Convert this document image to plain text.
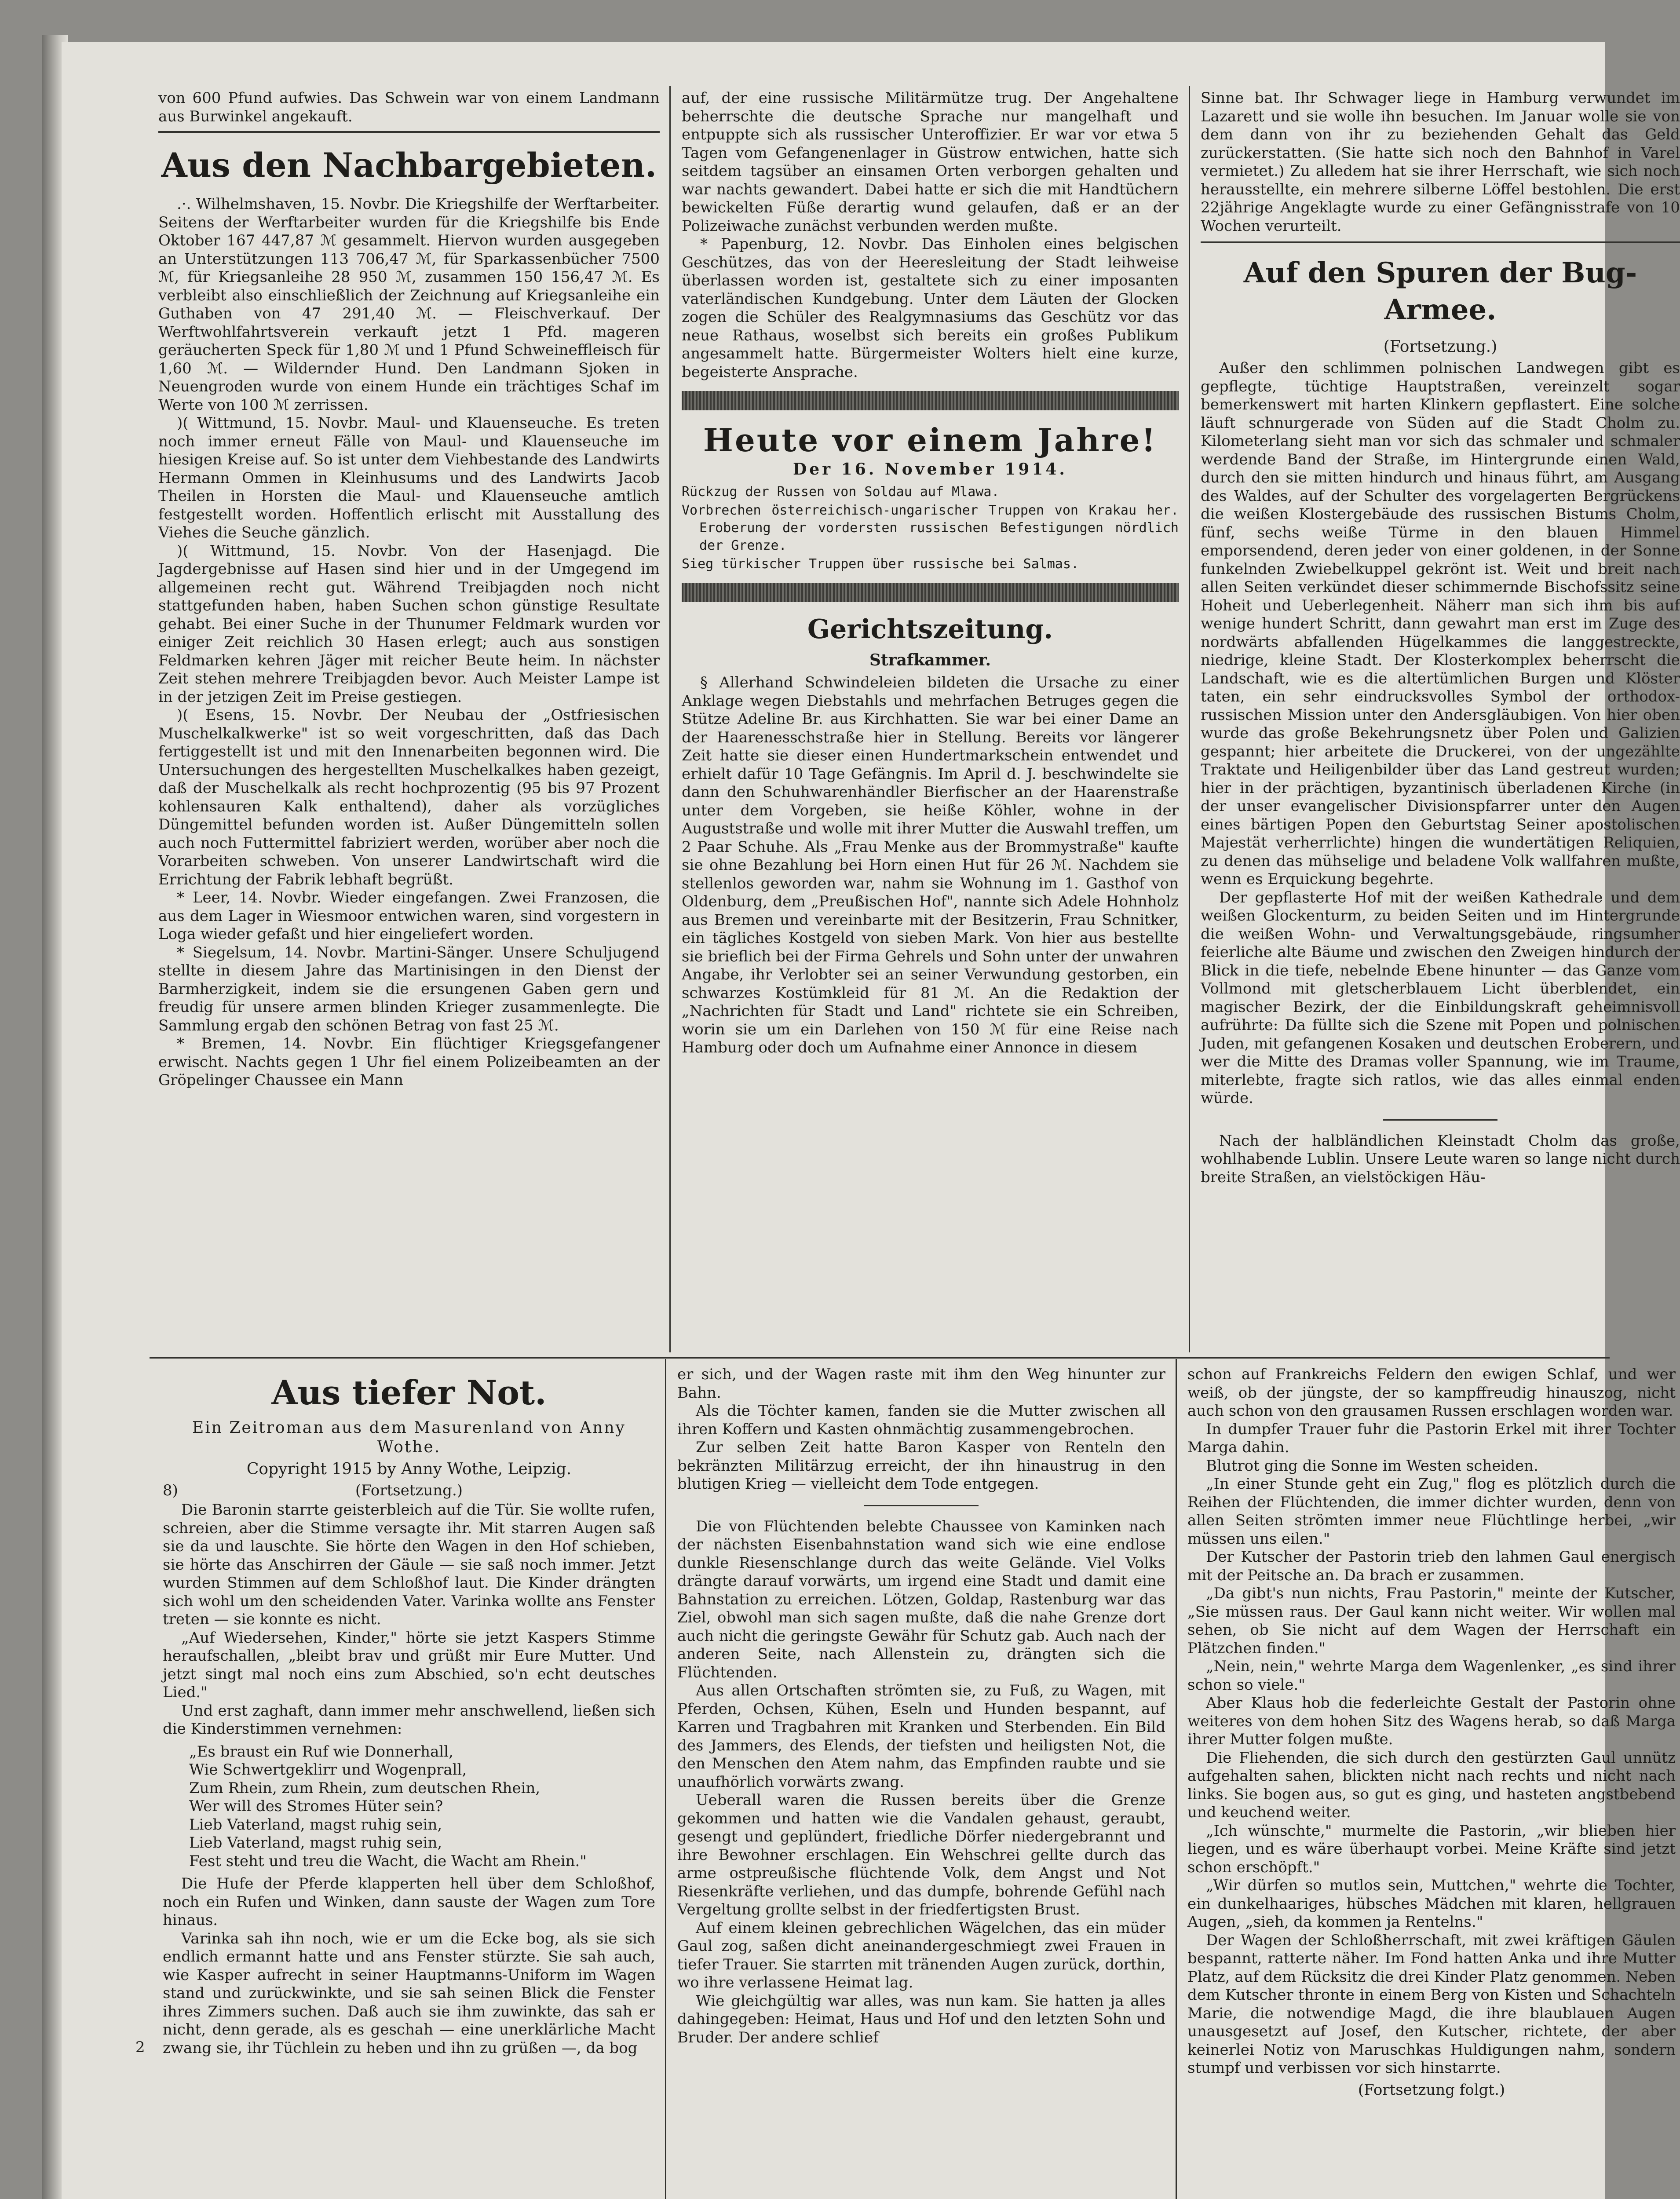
von 600 Pfund aufwies. Das Schwein war von einem Landmann aus Burwinkel angekauft.

Aus den Nachbargebieten.

.·. Wilhelmshaven, 15. Novbr. Die Kriegshilfe der Werftarbeiter. Seitens der Werftarbeiter wurden für die Kriegshilfe bis Ende Oktober 167 447,87 ℳ gesammelt. Hiervon wurden ausgegeben an Unterstützungen 113 706,47 ℳ, für Sparkassenbücher 7500 ℳ, für Kriegsanleihe 28 950 ℳ, zusammen 150 156,47 ℳ. Es verbleibt also einschließlich der Zeichnung auf Kriegsanleihe ein Guthaben von 47 291,40 ℳ. — Fleischverkauf. Der Werftwohlfahrtsverein verkauft jetzt 1 Pfd. mageren geräucherten Speck für 1,80 ℳ und 1 Pfund Schweineffleisch für 1,60 ℳ. — Wildernder Hund. Den Landmann Sjoken in Neuengroden wurde von einem Hunde ein trächtiges Schaf im Werte von 100 ℳ zerrissen.

)( Wittmund, 15. Novbr. Maul- und Klauenseuche. Es treten noch immer erneut Fälle von Maul- und Klauenseuche im hiesigen Kreise auf. So ist unter dem Viehbestande des Landwirts Hermann Ommen in Kleinhusums und des Landwirts Jacob Theilen in Horsten die Maul- und Klauenseuche amtlich festgestellt worden. Hoffentlich erlischt mit Ausstallung des Viehes die Seuche gänzlich.

)( Wittmund, 15. Novbr. Von der Hasenjagd. Die Jagdergebnisse auf Hasen sind hier und in der Umgegend im allgemeinen recht gut. Während Treibjagden noch nicht stattgefunden haben, haben Suchen schon günstige Resultate gehabt. Bei einer Suche in der Thunumer Feldmark wurden vor einiger Zeit reichlich 30 Hasen erlegt; auch aus sonstigen Feldmarken kehren Jäger mit reicher Beute heim. In nächster Zeit stehen mehrere Treibjagden bevor. Auch Meister Lampe ist in der jetzigen Zeit im Preise gestiegen.

)( Esens, 15. Novbr. Der Neubau der „Ostfriesischen Muschelkalkwerke" ist so weit vorgeschritten, daß das Dach fertiggestellt ist und mit den Innenarbeiten begonnen wird. Die Untersuchungen des hergestellten Muschelkalkes haben gezeigt, daß der Muschelkalk als recht hochprozentig (95 bis 97 Prozent kohlensauren Kalk enthaltend), daher als vorzügliches Düngemittel befunden worden ist. Außer Düngemitteln sollen auch noch Futtermittel fabriziert werden, worüber aber noch die Vorarbeiten schweben. Von unserer Landwirtschaft wird die Errichtung der Fabrik lebhaft begrüßt.

* Leer, 14. Novbr. Wieder eingefangen. Zwei Franzosen, die aus dem Lager in Wiesmoor entwichen waren, sind vorgestern in Loga wieder gefaßt und hier eingeliefert worden.

* Siegelsum, 14. Novbr. Martini-Sänger. Unsere Schuljugend stellte in diesem Jahre das Martinisingen in den Dienst der Barmherzigkeit, indem sie die ersungenen Gaben gern und freudig für unsere armen blinden Krieger zusammenlegte. Die Sammlung ergab den schönen Betrag von fast 25 ℳ.

* Bremen, 14. Novbr. Ein flüchtiger Kriegsgefangener erwischt. Nachts gegen 1 Uhr fiel einem Polizeibeamten an der Gröpelinger Chaussee ein Mann

auf, der eine russische Militärmütze trug. Der Angehaltene beherrschte die deutsche Sprache nur mangelhaft und entpuppte sich als russischer Unteroffizier. Er war vor etwa 5 Tagen vom Gefangenenlager in Güstrow entwichen, hatte sich seitdem tagsüber an einsamen Orten verborgen gehalten und war nachts gewandert. Dabei hatte er sich die mit Handtüchern bewickelten Füße derartig wund gelaufen, daß er an der Polizeiwache zunächst verbunden werden mußte.

* Papenburg, 12. Novbr. Das Einholen eines belgischen Geschützes, das von der Heeresleitung der Stadt leihweise überlassen worden ist, gestaltete sich zu einer imposanten vaterländischen Kundgebung. Unter dem Läuten der Glocken zogen die Schüler des Realgymnasiums das Geschütz vor das neue Rathaus, woselbst sich bereits ein großes Publikum angesammelt hatte. Bürgermeister Wolters hielt eine kurze, begeisterte Ansprache.

Heute vor einem Jahre!
Der 16. November 1914.

Rückzug der Russen von Soldau auf Mlawa.

Vorbrechen österreichisch-ungarischer Truppen von Krakau her. Eroberung der vordersten russischen Befestigungen nördlich der Grenze.

Sieg türkischer Truppen über russische bei Salmas.

Gerichtszeitung.
Strafkammer.

§ Allerhand Schwindeleien bildeten die Ursache zu einer Anklage wegen Diebstahls und mehrfachen Betruges gegen die Stütze Adeline Br. aus Kirchhatten. Sie war bei einer Dame an der Haarenesschstraße hier in Stellung. Bereits vor längerer Zeit hatte sie dieser einen Hundertmarkschein entwendet und erhielt dafür 10 Tage Gefängnis. Im April d. J. beschwindelte sie dann den Schuhwarenhändler Bierfischer an der Haarenstraße unter dem Vorgeben, sie heiße Köhler, wohne in der Auguststraße und wolle mit ihrer Mutter die Auswahl treffen, um 2 Paar Schuhe. Als „Frau Menke aus der Brommystraße" kaufte sie ohne Bezahlung bei Horn einen Hut für 26 ℳ. Nachdem sie stellenlos geworden war, nahm sie Wohnung im 1. Gasthof von Oldenburg, dem „Preußischen Hof", nannte sich Adele Hohnholz aus Bremen und vereinbarte mit der Besitzerin, Frau Schnitker, ein tägliches Kostgeld von sieben Mark. Von hier aus bestellte sie brieflich bei der Firma Gehrels und Sohn unter der unwahren Angabe, ihr Verlobter sei an seiner Verwundung gestorben, ein schwarzes Kostümkleid für 81 ℳ. An die Redaktion der „Nachrichten für Stadt und Land" richtete sie ein Schreiben, worin sie um ein Darlehen von 150 ℳ für eine Reise nach Hamburg oder doch um Aufnahme einer Annonce in diesem

Sinne bat. Ihr Schwager liege in Hamburg verwundet im Lazarett und sie wolle ihn besuchen. Im Januar wolle sie von dem dann von ihr zu beziehenden Gehalt das Geld zurückerstatten. (Sie hatte sich noch den Bahnhof in Varel vermietet.) Zu alledem hat sie ihrer Herrschaft, wie sich noch herausstellte, ein mehrere silberne Löffel bestohlen. Die erst 22jährige Angeklagte wurde zu einer Gefängnisstrafe von 10 Wochen verurteilt.

Auf den Spuren der Bug-Armee.
(Fortsetzung.)

Außer den schlimmen polnischen Landwegen gibt es gepflegte, tüchtige Hauptstraßen, vereinzelt sogar bemerkenswert mit harten Klinkern gepflastert. Eine solche läuft schnurgerade von Süden auf die Stadt Cholm zu. Kilometerlang sieht man vor sich das schmaler und schmaler werdende Band der Straße, im Hintergrunde einen Wald, durch den sie mitten hindurch und hinaus führt, am Ausgang des Waldes, auf der Schulter des vorgelagerten Bergrückens die weißen Klostergebäude des russischen Bistums Cholm, fünf, sechs weiße Türme in den blauen Himmel emporsendend, deren jeder von einer goldenen, in der Sonne funkelnden Zwiebelkuppel gekrönt ist. Weit und breit nach allen Seiten verkündet dieser schimmernde Bischofssitz seine Hoheit und Ueberlegenheit. Näherr man sich ihm bis auf wenige hundert Schritt, dann gewahrt man erst im Zuge des nordwärts abfallenden Hügelkammes die langgestreckte, niedrige, kleine Stadt. Der Klosterkomplex beherrscht die Landschaft, wie es die altertümlichen Burgen und Klöster taten, ein sehr eindrucksvolles Symbol der orthodox-russischen Mission unter den Andersgläubigen. Von hier oben wurde das große Bekehrungsnetz über Polen und Galizien gespannt; hier arbeitete die Druckerei, von der ungezählte Traktate und Heiligenbilder über das Land gestreut wurden; hier in der prächtigen, byzantinisch überladenen Kirche (in der unser evangelischer Divisionspfarrer unter den Augen eines bärtigen Popen den Geburtstag Seiner apostolischen Majestät verherrlichte) hingen die wundertätigen Reliquien, zu denen das mühselige und beladene Volk wallfahren mußte, wenn es Erquickung begehrte.

Der gepflasterte Hof mit der weißen Kathedrale und dem weißen Glockenturm, zu beiden Seiten und im Hintergrunde die weißen Wohn- und Verwaltungsgebäude, ringsumher feierliche alte Bäume und zwischen den Zweigen hindurch der Blick in die tiefe, nebelnde Ebene hinunter — das Ganze vom Vollmond mit gletscherblauem Licht überblendet, ein magischer Bezirk, der die Einbildungskraft geheimnisvoll aufrührte: Da füllte sich die Szene mit Popen und polnischen Juden, mit gefangenen Kosaken und deutschen Eroberern, und wer die Mitte des Dramas voller Spannung, wie im Traume, miterlebte, fragte sich ratlos, wie das alles einmal enden würde.

Nach der halbländlichen Kleinstadt Cholm das große, wohlhabende Lublin. Unsere Leute waren so lange nicht durch breite Straßen, an vielstöckigen Häu-

Aus tiefer Not.
Ein Zeitroman aus dem Masurenland von Anny Wothe.
Copyright 1915 by Anny Wothe, Leipzig.
8)	(Fortsetzung.)

Die Baronin starrte geisterbleich auf die Tür. Sie wollte rufen, schreien, aber die Stimme versagte ihr. Mit starren Augen saß sie da und lauschte. Sie hörte den Wagen in den Hof schieben, sie hörte das Anschirren der Gäule — sie saß noch immer. Jetzt wurden Stimmen auf dem Schloßhof laut. Die Kinder drängten sich wohl um den scheidenden Vater. Varinka wollte ans Fenster treten — sie konnte es nicht.

„Auf Wiedersehen, Kinder," hörte sie jetzt Kaspers Stimme heraufschallen, „bleibt brav und grüßt mir Eure Mutter. Und jetzt singt mal noch eins zum Abschied, so'n echt deutsches Lied."

Und erst zaghaft, dann immer mehr anschwellend, ließen sich die Kinderstimmen vernehmen:

„Es braust ein Ruf wie Donnerhall,
Wie Schwertgeklirr und Wogenprall,
Zum Rhein, zum Rhein, zum deutschen Rhein,
Wer will des Stromes Hüter sein?
Lieb Vaterland, magst ruhig sein,
Lieb Vaterland, magst ruhig sein,
Fest steht und treu die Wacht, die Wacht am Rhein."

Die Hufe der Pferde klapperten hell über dem Schloßhof, noch ein Rufen und Winken, dann sauste der Wagen zum Tore hinaus.

Varinka sah ihn noch, wie er um die Ecke bog, als sie sich endlich ermannt hatte und ans Fenster stürzte. Sie sah auch, wie Kasper aufrecht in seiner Hauptmanns-Uniform im Wagen stand und zurückwinkte, und sie sah seinen Blick die Fenster ihres Zimmers suchen. Daß auch sie ihm zuwinkte, das sah er nicht, denn gerade, als es geschah — eine unerklärliche Macht zwang sie, ihr Tüchlein zu heben und ihn zu grüßen —, da bog

er sich, und der Wagen raste mit ihm den Weg hinunter zur Bahn.

Als die Töchter kamen, fanden sie die Mutter zwischen all ihren Koffern und Kasten ohnmächtig zusammengebrochen.

Zur selben Zeit hatte Baron Kasper von Renteln den bekränzten Militärzug erreicht, der ihn hinaustrug in den blutigen Krieg — vielleicht dem Tode entgegen.

Die von Flüchtenden belebte Chaussee von Kaminken nach der nächsten Eisenbahnstation wand sich wie eine endlose dunkle Riesenschlange durch das weite Gelände. Viel Volks drängte darauf vorwärts, um irgend eine Stadt und damit eine Bahnstation zu erreichen. Lötzen, Goldap, Rastenburg war das Ziel, obwohl man sich sagen mußte, daß die nahe Grenze dort auch nicht die geringste Gewähr für Schutz gab. Auch nach der anderen Seite, nach Allenstein zu, drängten sich die Flüchtenden.

Aus allen Ortschaften strömten sie, zu Fuß, zu Wagen, mit Pferden, Ochsen, Kühen, Eseln und Hunden bespannt, auf Karren und Tragbahren mit Kranken und Sterbenden. Ein Bild des Jammers, des Elends, der tiefsten und heiligsten Not, die den Menschen den Atem nahm, das Empfinden raubte und sie unaufhörlich vorwärts zwang.

Ueberall waren die Russen bereits über die Grenze gekommen und hatten wie die Vandalen gehaust, geraubt, gesengt und geplündert, friedliche Dörfer niedergebrannt und ihre Bewohner erschlagen. Ein Wehschrei gellte durch das arme ostpreußische flüchtende Volk, dem Angst und Not Riesenkräfte verliehen, und das dumpfe, bohrende Gefühl nach Vergeltung grollte selbst in der friedfertigsten Brust.

Auf einem kleinen gebrechlichen Wägelchen, das ein müder Gaul zog, saßen dicht aneinandergeschmiegt zwei Frauen in tiefer Trauer. Sie starrten mit tränenden Augen zurück, dorthin, wo ihre verlassene Heimat lag.

Wie gleichgültig war alles, was nun kam. Sie hatten ja alles dahingegeben: Heimat, Haus und Hof und den letzten Sohn und Bruder. Der andere schlief

schon auf Frankreichs Feldern den ewigen Schlaf, und wer weiß, ob der jüngste, der so kampffreudig hinauszog, nicht auch schon von den grausamen Russen erschlagen worden war.

In dumpfer Trauer fuhr die Pastorin Erkel mit ihrer Tochter Marga dahin.

Blutrot ging die Sonne im Westen scheiden.

„In einer Stunde geht ein Zug," flog es plötzlich durch die Reihen der Flüchtenden, die immer dichter wurden, denn von allen Seiten strömten immer neue Flüchtlinge herbei, „wir müssen uns eilen."

Der Kutscher der Pastorin trieb den lahmen Gaul energisch mit der Peitsche an. Da brach er zusammen.

„Da gibt's nun nichts, Frau Pastorin," meinte der Kutscher, „Sie müssen raus. Der Gaul kann nicht weiter. Wir wollen mal sehen, ob Sie nicht auf dem Wagen der Herrschaft ein Plätzchen finden."

„Nein, nein," wehrte Marga dem Wagenlenker, „es sind ihrer schon so viele."

Aber Klaus hob die federleichte Gestalt der Pastorin ohne weiteres von dem hohen Sitz des Wagens herab, so daß Marga ihrer Mutter folgen mußte.

Die Fliehenden, die sich durch den gestürzten Gaul unnütz aufgehalten sahen, blickten nicht nach rechts und nicht nach links. Sie bogen aus, so gut es ging, und hasteten angstbebend und keuchend weiter.

„Ich wünschte," murmelte die Pastorin, „wir blieben hier liegen, und es wäre überhaupt vorbei. Meine Kräfte sind jetzt schon erschöpft."

„Wir dürfen so mutlos sein, Muttchen," wehrte die Tochter, ein dunkelhaariges, hübsches Mädchen mit klaren, hellgrauen Augen, „sieh, da kommen ja Rentelns."

Der Wagen der Schloßherrschaft, mit zwei kräftigen Gäulen bespannt, ratterte näher. Im Fond hatten Anka und ihre Mutter Platz, auf dem Rücksitz die drei Kinder Platz genommen. Neben dem Kutscher thronte in einem Berg von Kisten und Schachteln Marie, die notwendige Magd, die ihre blaublauen Augen unausgesetzt auf Josef, den Kutscher, richtete, der aber keinerlei Notiz von Maruschkas Huldigungen nahm, sondern stumpf und verbissen vor sich hinstarrte.

(Fortsetzung folgt.)
2
